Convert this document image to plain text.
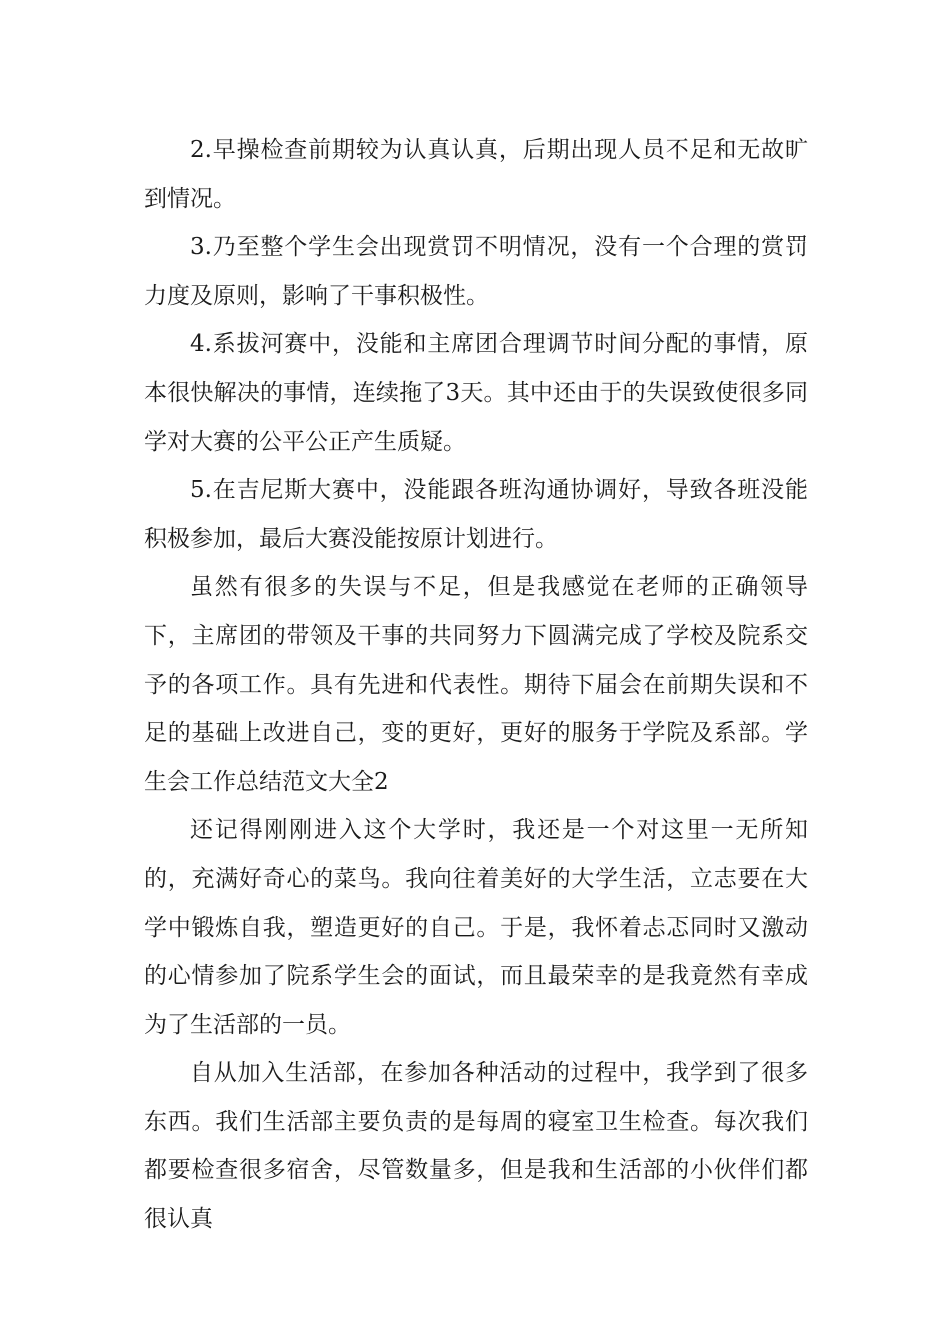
2.早操检查前期较为认真认真，后期出现人员不足和无故旷到情况。

3.乃至整个学生会出现赏罚不明情况，没有一个合理的赏罚力度及原则，影响了干事积极性。

4.系拔河赛中，没能和主席团合理调节时间分配的事情，原本很快解决的事情，连续拖了3天。其中还由于的失误致使很多同学对大赛的公平公正产生质疑。

5.在吉尼斯大赛中，没能跟各班沟通协调好，导致各班没能积极参加，最后大赛没能按原计划进行。

虽然有很多的失误与不足，但是我感觉在老师的正确领导下，主席团的带领及干事的共同努力下圆满完成了学校及院系交予的各项工作。具有先进和代表性。期待下届会在前期失误和不足的基础上改进自己，变的更好，更好的服务于学院及系部。学生会工作总结范文大全2

还记得刚刚进入这个大学时，我还是一个对这里一无所知的，充满好奇心的菜鸟。我向往着美好的大学生活，立志要在大学中锻炼自我，塑造更好的自己。于是，我怀着忐忑同时又激动的心情参加了院系学生会的面试，而且最荣幸的是我竟然有幸成为了生活部的一员。

自从加入生活部，在参加各种活动的过程中，我学到了很多东西。我们生活部主要负责的是每周的寝室卫生检查。每次我们都要检查很多宿舍，尽管数量多，但是我和生活部的小伙伴们都很认真
